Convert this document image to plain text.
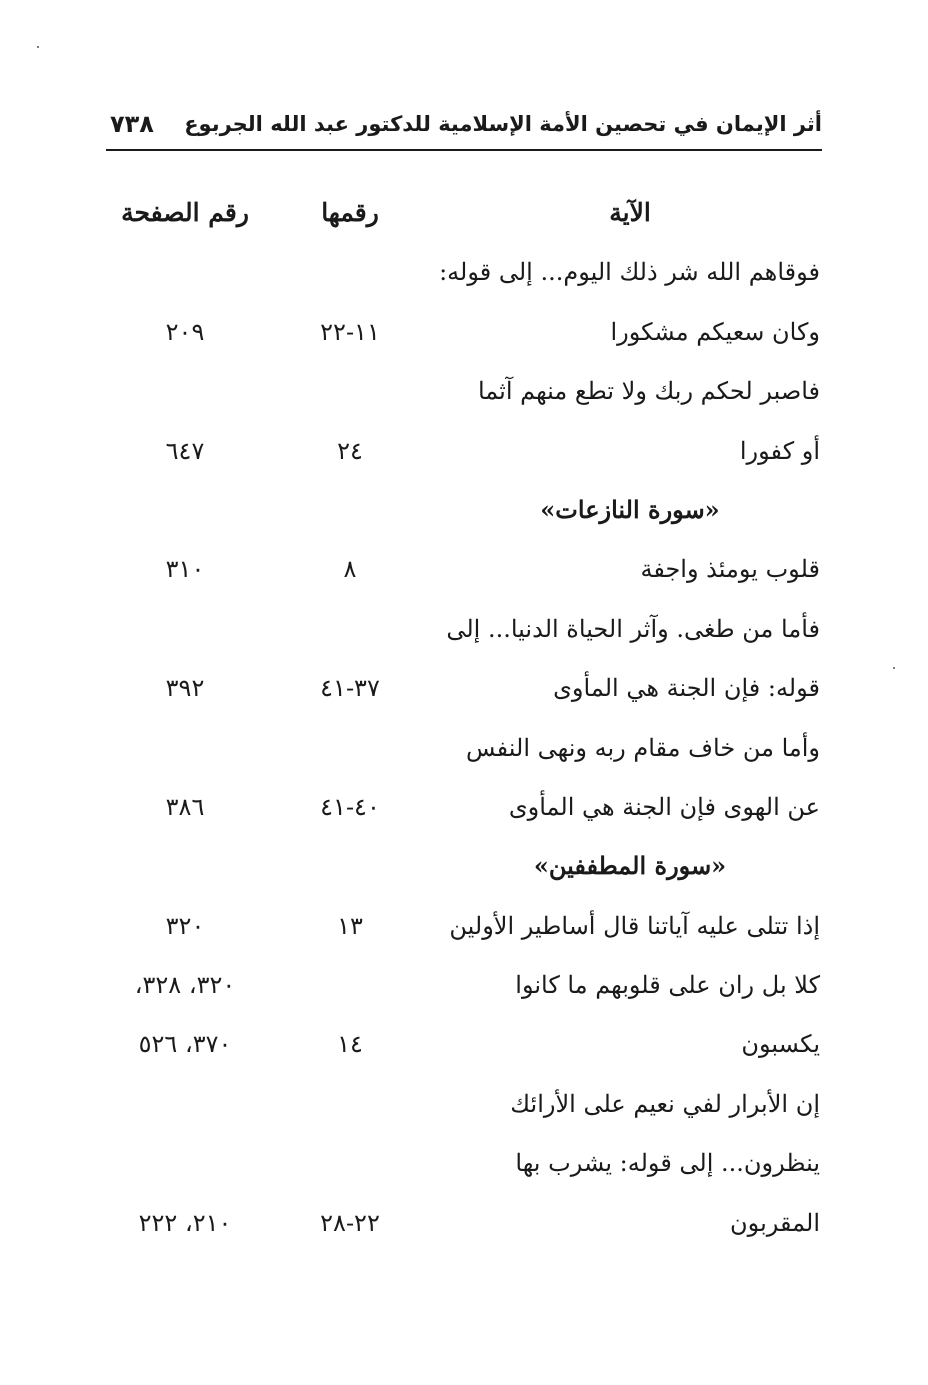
أثر الإيمان في تحصين الأمة الإسلامية للدكتور عبد الله الجربوع
٧٣٨
الآية
رقمها
رقم الصفحة
فوقاهم الله شر ذلك اليوم... إلى قوله:
وكان سعيكم مشكورا
١١-٢٢
٢٠٩
فاصبر لحكم ربك ولا تطع منهم آثما
أو كفورا
٢٤
٦٤٧
«سورة النازعات»
قلوب يومئذ واجفة
٨
٣١٠
فأما من طغى. وآثر الحياة الدنيا... إلى
قوله: فإن الجنة هي المأوى
٣٧-٤١
٣٩٢
وأما من خاف مقام ربه ونهى النفس
عن الهوى فإن الجنة هي المأوى
٤٠-٤١
٣٨٦
«سورة المطففين»
إذا تتلى عليه آياتنا قال أساطير الأولين
١٣
٣٢٠
كلا بل ران على قلوبهم ما كانوا
٣٢٠، ٣٢٨،
يكسبون
١٤
٣٧٠، ٥٢٦
إن الأبرار لفي نعيم على الأرائك
ينظرون... إلى قوله: يشرب بها
المقربون
٢٢-٢٨
٢١٠، ٢٢٢
